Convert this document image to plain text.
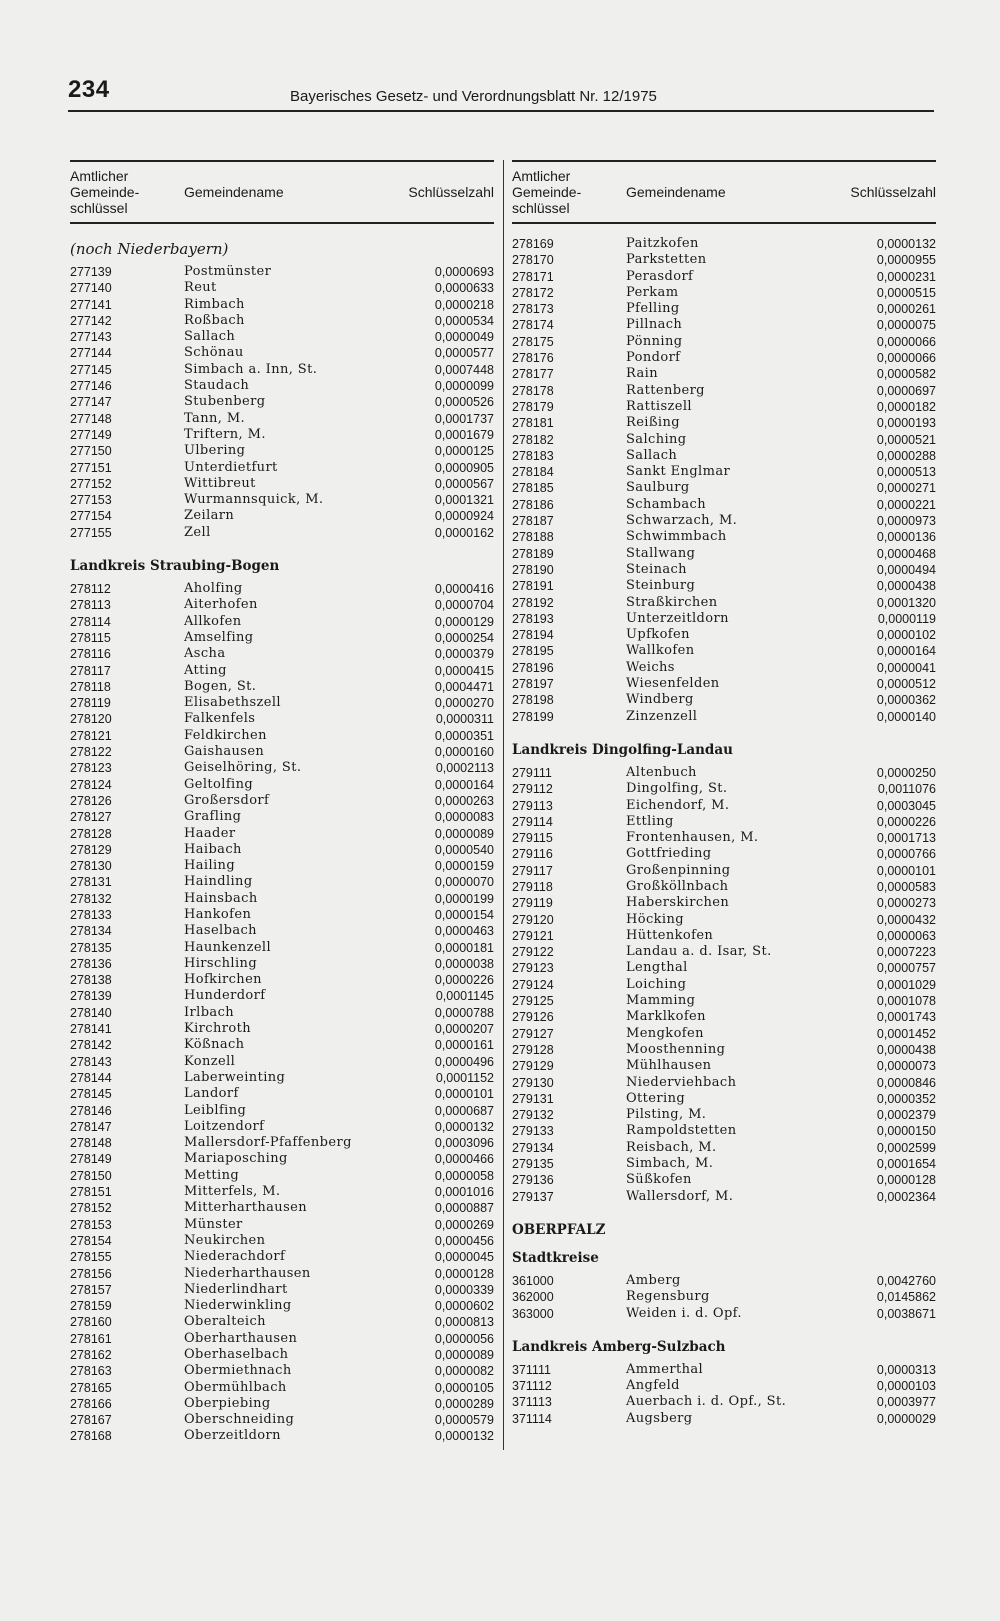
234	Bayerisches Gesetz- und Verordnungsblatt Nr. 12/1975
Amtlicher
Gemeinde-
schlüssel
Gemeindename	Schlüsselzahl
(noch Niederbayern)
277139	Postmünster	0,0000693
277140	Reut	0,0000633
277141	Rimbach	0,0000218
277142	Roßbach	0,0000534
277143	Sallach	0,0000049
277144	Schönau	0,0000577
277145	Simbach a. Inn, St.	0,0007448
277146	Staudach	0,0000099
277147	Stubenberg	0,0000526
277148	Tann, M.	0,0001737
277149	Triftern, M.	0,0001679
277150	Ulbering	0,0000125
277151	Unterdietfurt	0,0000905
277152	Wittibreut	0,0000567
277153	Wurmannsquick, M.	0,0001321
277154	Zeilarn	0,0000924
277155	Zell	0,0000162
Landkreis Straubing-Bogen
278112	Aholfing	0,0000416
278113	Aiterhofen	0,0000704
278114	Allkofen	0,0000129
278115	Amselfing	0,0000254
278116	Ascha	0,0000379
278117	Atting	0,0000415
278118	Bogen, St.	0,0004471
278119	Elisabethszell	0,0000270
278120	Falkenfels	0,0000311
278121	Feldkirchen	0,0000351
278122	Gaishausen	0,0000160
278123	Geiselhöring, St.	0,0002113
278124	Geltolfing	0,0000164
278126	Großersdorf	0,0000263
278127	Grafling	0,0000083
278128	Haader	0,0000089
278129	Haibach	0,0000540
278130	Hailing	0,0000159
278131	Haindling	0,0000070
278132	Hainsbach	0,0000199
278133	Hankofen	0,0000154
278134	Haselbach	0,0000463
278135	Haunkenzell	0,0000181
278136	Hirschling	0,0000038
278138	Hofkirchen	0,0000226
278139	Hunderdorf	0,0001145
278140	Irlbach	0,0000788
278141	Kirchroth	0,0000207
278142	Kößnach	0,0000161
278143	Konzell	0,0000496
278144	Laberweinting	0,0001152
278145	Landorf	0,0000101
278146	Leiblfing	0,0000687
278147	Loitzendorf	0,0000132
278148	Mallersdorf-Pfaffenberg	0,0003096
278149	Mariaposching	0,0000466
278150	Metting	0,0000058
278151	Mitterfels, M.	0,0001016
278152	Mitterharthausen	0,0000887
278153	Münster	0,0000269
278154	Neukirchen	0,0000456
278155	Niederachdorf	0,0000045
278156	Niederharthausen	0,0000128
278157	Niederlindhart	0,0000339
278159	Niederwinkling	0,0000602
278160	Oberalteich	0,0000813
278161	Oberharthausen	0,0000056
278162	Oberhaselbach	0,0000089
278163	Obermiethnach	0,0000082
278165	Obermühlbach	0,0000105
278166	Oberpiebing	0,0000289
278167	Oberschneiding	0,0000579
278168	Oberzeitldorn	0,0000132
Amtlicher
Gemeinde-
schlüssel
Gemeindename	Schlüsselzahl
278169	Paitzkofen	0,0000132
278170	Parkstetten	0,0000955
278171	Perasdorf	0,0000231
278172	Perkam	0,0000515
278173	Pfelling	0,0000261
278174	Pillnach	0,0000075
278175	Pönning	0,0000066
278176	Pondorf	0,0000066
278177	Rain	0,0000582
278178	Rattenberg	0,0000697
278179	Rattiszell	0,0000182
278181	Reißing	0,0000193
278182	Salching	0,0000521
278183	Sallach	0,0000288
278184	Sankt Englmar	0,0000513
278185	Saulburg	0,0000271
278186	Schambach	0,0000221
278187	Schwarzach, M.	0,0000973
278188	Schwimmbach	0,0000136
278189	Stallwang	0,0000468
278190	Steinach	0,0000494
278191	Steinburg	0,0000438
278192	Straßkirchen	0,0001320
278193	Unterzeitldorn	0,0000119
278194	Upfkofen	0,0000102
278195	Wallkofen	0,0000164
278196	Weichs	0,0000041
278197	Wiesenfelden	0,0000512
278198	Windberg	0,0000362
278199	Zinzenzell	0,0000140
Landkreis Dingolfing-Landau
279111	Altenbuch	0,0000250
279112	Dingolfing, St.	0,0011076
279113	Eichendorf, M.	0,0003045
279114	Ettling	0,0000226
279115	Frontenhausen, M.	0,0001713
279116	Gottfrieding	0,0000766
279117	Großenpinning	0,0000101
279118	Großköllnbach	0,0000583
279119	Haberskirchen	0,0000273
279120	Höcking	0,0000432
279121	Hüttenkofen	0,0000063
279122	Landau a. d. Isar, St.	0,0007223
279123	Lengthal	0,0000757
279124	Loiching	0,0001029
279125	Mamming	0,0001078
279126	Marklkofen	0,0001743
279127	Mengkofen	0,0001452
279128	Moosthenning	0,0000438
279129	Mühlhausen	0,0000073
279130	Niederviehbach	0,0000846
279131	Ottering	0,0000352
279132	Pilsting, M.	0,0002379
279133	Rampoldstetten	0,0000150
279134	Reisbach, M.	0,0002599
279135	Simbach, M.	0,0001654
279136	Süßkofen	0,0000128
279137	Wallersdorf, M.	0,0002364
OBERPFALZ
Stadtkreise
361000	Amberg	0,0042760
362000	Regensburg	0,0145862
363000	Weiden i. d. Opf.	0,0038671
Landkreis Amberg-Sulzbach
371111	Ammerthal	0,0000313
371112	Angfeld	0,0000103
371113	Auerbach i. d. Opf., St.	0,0003977
371114	Augsberg	0,0000029
